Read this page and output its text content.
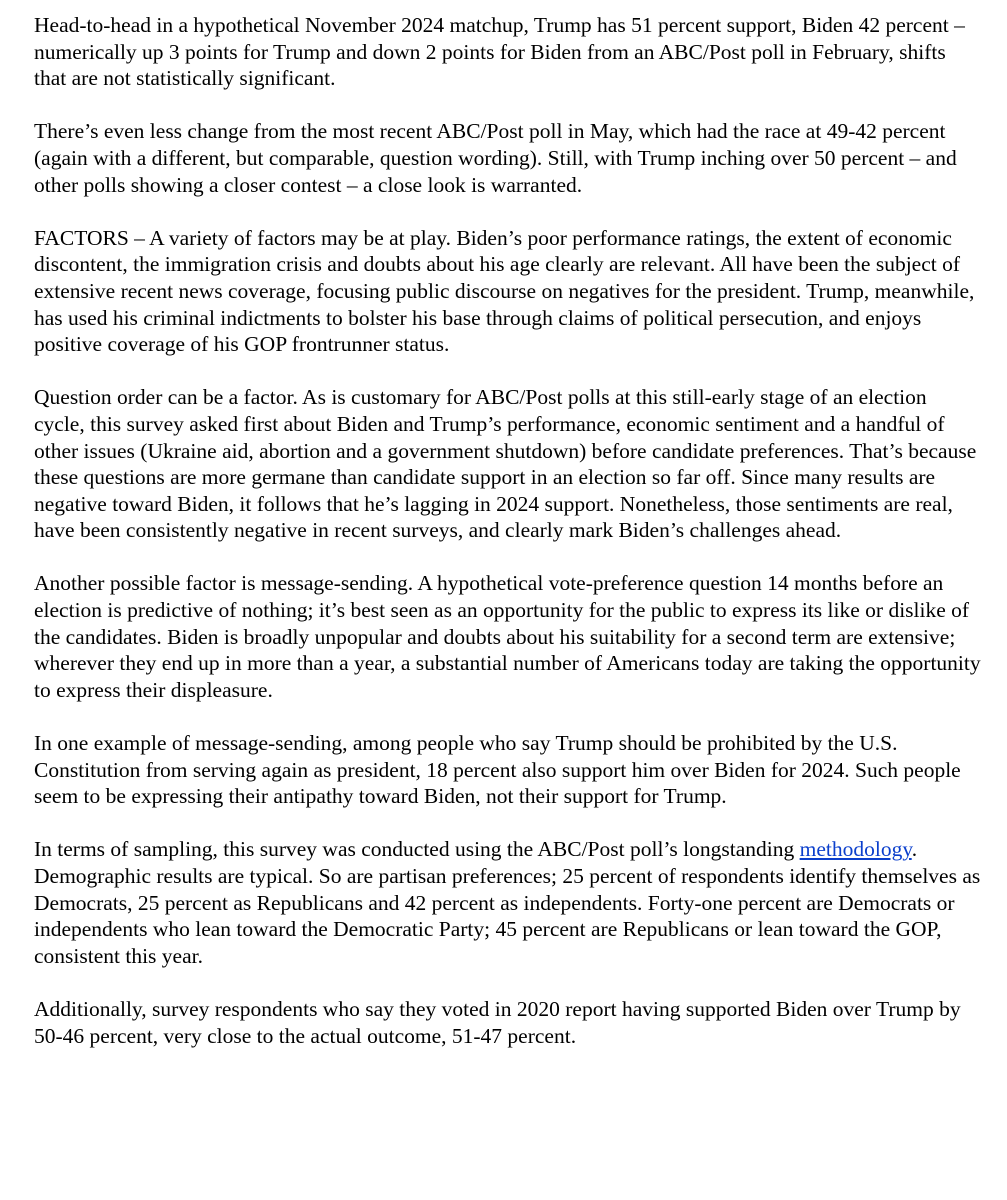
Head-to-head in a hypothetical November 2024 matchup, Trump has 51 percent support, Biden 42 percent – numerically up 3 points for Trump and down 2 points for Biden from an ABC/Post poll in February, shifts that are not statistically significant.

There’s even less change from the most recent ABC/Post poll in May, which had the race at 49-42 percent (again with a different, but comparable, question wording). Still, with Trump inching over 50 percent – and other polls showing a closer contest – a close look is warranted.

FACTORS – A variety of factors may be at play. Biden’s poor performance ratings, the extent of economic discontent, the immigration crisis and doubts about his age clearly are relevant. All have been the subject of extensive recent news coverage, focusing public discourse on negatives for the president. Trump, meanwhile, has used his criminal indictments to bolster his base through claims of political persecution, and enjoys positive coverage of his GOP frontrunner status.

Question order can be a factor. As is customary for ABC/Post polls at this still-early stage of an election cycle, this survey asked first about Biden and Trump’s performance, economic sentiment and a handful of other issues (Ukraine aid, abortion and a government shutdown) before candidate preferences. That’s because these questions are more germane than candidate support in an election so far off. Since many results are negative toward Biden, it follows that he’s lagging in 2024 support. Nonetheless, those sentiments are real, have been consistently negative in recent surveys, and clearly mark Biden’s challenges ahead.

Another possible factor is message-sending. A hypothetical vote-preference question 14 months before an election is predictive of nothing; it’s best seen as an opportunity for the public to express its like or dislike of the candidates. Biden is broadly unpopular and doubts about his suitability for a second term are extensive; wherever they end up in more than a year, a substantial number of Americans today are taking the opportunity to express their displeasure.

In one example of message-sending, among people who say Trump should be prohibited by the U.S. Constitution from serving again as president, 18 percent also support him over Biden for 2024. Such people seem to be expressing their antipathy toward Biden, not their support for Trump.

In terms of sampling, this survey was conducted using the ABC/Post poll’s longstanding methodology. Demographic results are typical. So are partisan preferences; 25 percent of respondents identify themselves as Democrats, 25 percent as Republicans and 42 percent as independents. Forty-one percent are Democrats or independents who lean toward the Democratic Party; 45 percent are Republicans or lean toward the GOP, consistent this year.

Additionally, survey respondents who say they voted in 2020 report having supported Biden over Trump by 50-46 percent, very close to the actual outcome, 51-47 percent.
